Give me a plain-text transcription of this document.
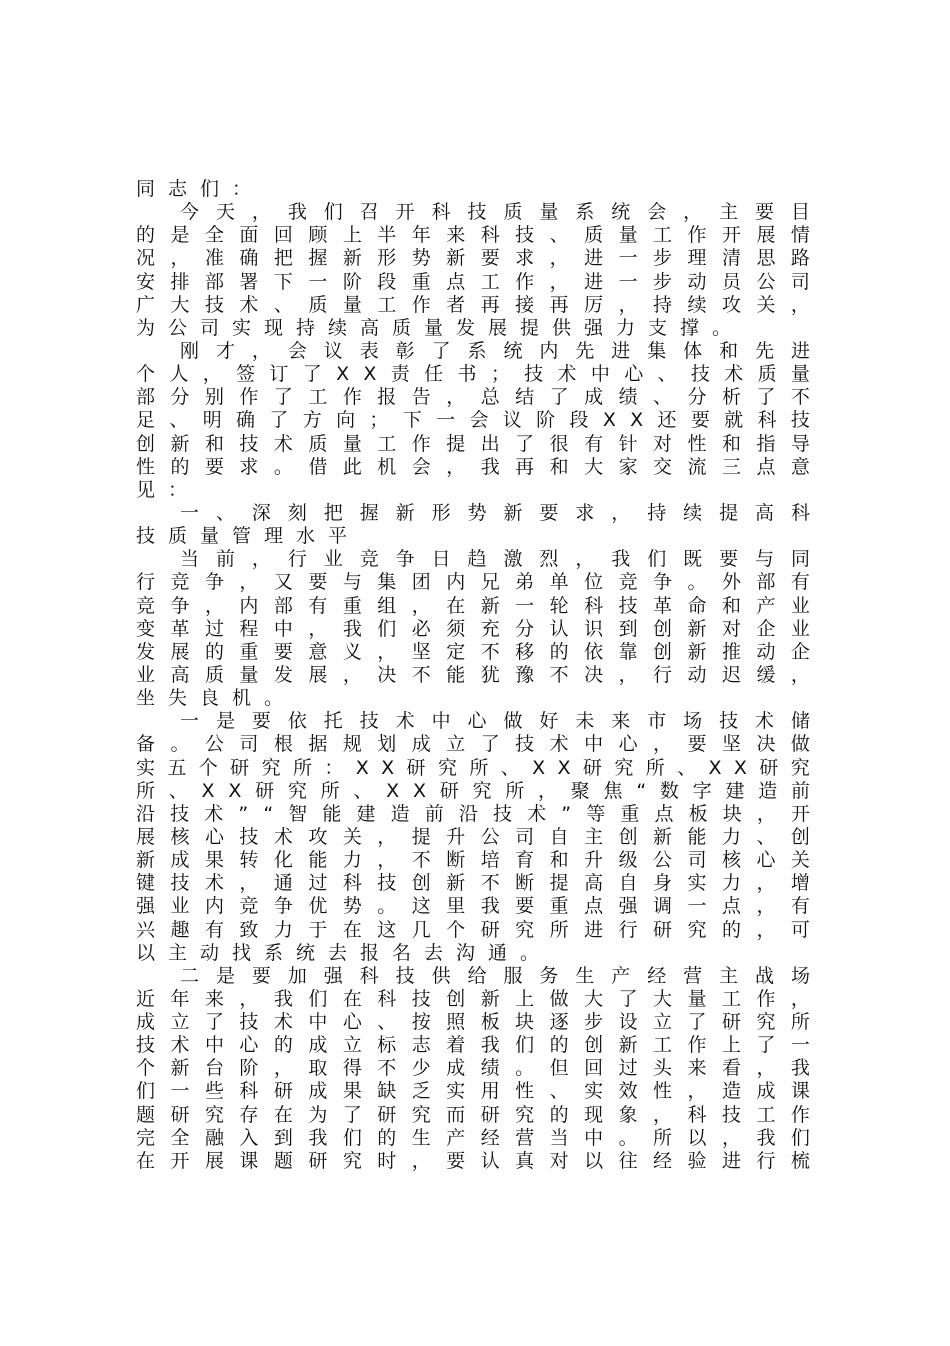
同志们：
今 天 ， 我 们 召 开 科 技 质 量 系 统 会 ， 主 要 目
的 是 全 面 回 顾 上 半 年 来 科 技 、 质 量 工 作 开 展 情
况 ， 准 确 把 握 新 形 势 新 要 求 ， 进 一 步 理 清 思 路
安 排 部 署 下 一 阶 段 重 点 工 作 ， 进 一 步 动 员 公 司
广 大 技 术 、 质 量 工 作 者 再 接 再 厉 ， 持 续 攻 关 ，
为公司实现持续高质量发展提供强力支撑。
刚 才 ， 会 议 表 彰 了 系 统 内 先 进 集 体 和 先 进
个 人 ， 签 订 了 X X 责 任 书 ； 技 术 中 心 、 技 术 质 量
部 分 别 作 了 工 作 报 告 ， 总 结 了 成 绩 、 分 析 了 不
足 、 明 确 了 方 向 ； 下 一 会 议 阶 段 X X 还 要 就 科 技
创 新 和 技 术 质 量 工 作 提 出 了 很 有 针 对 性 和 指 导
性 的 要 求 。 借 此 机 会 ， 我 再 和 大 家 交 流 三 点 意
见：
一 、 深 刻 把 握 新 形 势 新 要 求 ， 持 续 提 高 科
技质量管理水平
当 前 ， 行 业 竞 争 日 趋 激 烈 ， 我 们 既 要 与 同
行 竞 争 ， 又 要 与 集 团 内 兄 弟 单 位 竞 争 。 外 部 有
竞 争 ， 内 部 有 重 组 ， 在 新 一 轮 科 技 革 命 和 产 业
变 革 过 程 中 ， 我 们 必 须 充 分 认 识 到 创 新 对 企 业
发 展 的 重 要 意 义 ， 坚 定 不 移 的 依 靠 创 新 推 动 企
业 高 质 量 发 展 ， 决 不 能 犹 豫 不 决 ， 行 动 迟 缓 ，
坐失良机。
一 是 要 依 托 技 术 中 心 做 好 未 来 市 场 技 术 储
备 。 公 司 根 据 规 划 成 立 了 技 术 中 心 ， 要 坚 决 做
实 五 个 研 究 所 ： X X 研 究 所 、 X X 研 究 所 、 X X 研 究
所 、 X X 研 究 所 、 X X 研 究 所 ， 聚 焦 “ 数 字 建 造 前
沿 技 术 ” “ 智 能 建 造 前 沿 技 术 ” 等 重 点 板 块 ， 开
展 核 心 技 术 攻 关 ， 提 升 公 司 自 主 创 新 能 力 、 创
新 成 果 转 化 能 力 ， 不 断 培 育 和 升 级 公 司 核 心 关
键 技 术 ， 通 过 科 技 创 新 不 断 提 高 自 身 实 力 ， 增
强 业 内 竞 争 优 势 。 这 里 我 要 重 点 强 调 一 点 ， 有
兴 趣 有 致 力 于 在 这 几 个 研 究 所 进 行 研 究 的 ， 可
以主动找系统去报名去沟通。
二 是 要 加 强 科 技 供 给 服 务 生 产 经 营 主 战 场
近 年 来 ， 我 们 在 科 技 创 新 上 做 大 了 大 量 工 作 ，
成 立 了 技 术 中 心 、 按 照 板 块 逐 步 设 立 了 研 究 所
技 术 中 心 的 成 立 标 志 着 我 们 的 创 新 工 作 上 了 一
个 新 台 阶 ， 取 得 不 少 成 绩 。 但 回 过 头 来 看 ， 我
们 一 些 科 研 成 果 缺 乏 实 用 性 、 实 效 性 ， 造 成 课
题 研 究 存 在 为 了 研 究 而 研 究 的 现 象 ， 科 技 工 作
完 全 融 入 到 我 们 的 生 产 经 营 当 中 。 所 以 ， 我 们
在 开 展 课 题 研 究 时 ， 要 认 真 对 以 往 经 验 进 行 梳
